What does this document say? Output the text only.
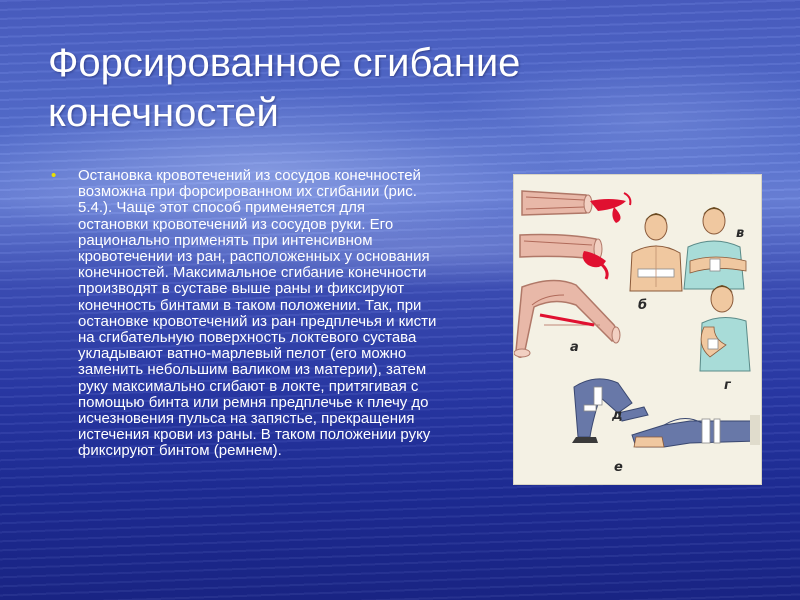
Форсированное сгибание конечностей
• Остановка кровотечений из сосудов конечностей возможна при форсированном их сгибании (рис. 5.4.). Чаще этот способ применяется для остановки кровотечений из сосудов руки. Его рационально применять при интенсивном кровотечении из ран, расположенных у основания конечностей. Максимальное сгибание конечности производят в суставе выше раны и фиксируют конечность бинтами в таком положении. Так, при остановке кровотечений из ран предплечья и кисти на сгибательную поверхность локтевого сустава укладывают ватно-марлевый пелот (его можно заменить небольшим валиком из материи), затем руку максимально сгибают в локте, притягивая с помощью бинта или ремня предплечье к плечу до исчезновения пульса на запястье, прекращения истечения крови из раны. В таком положении руку фиксируют бинтом (ремнем).
а
б
в
г
д
е
